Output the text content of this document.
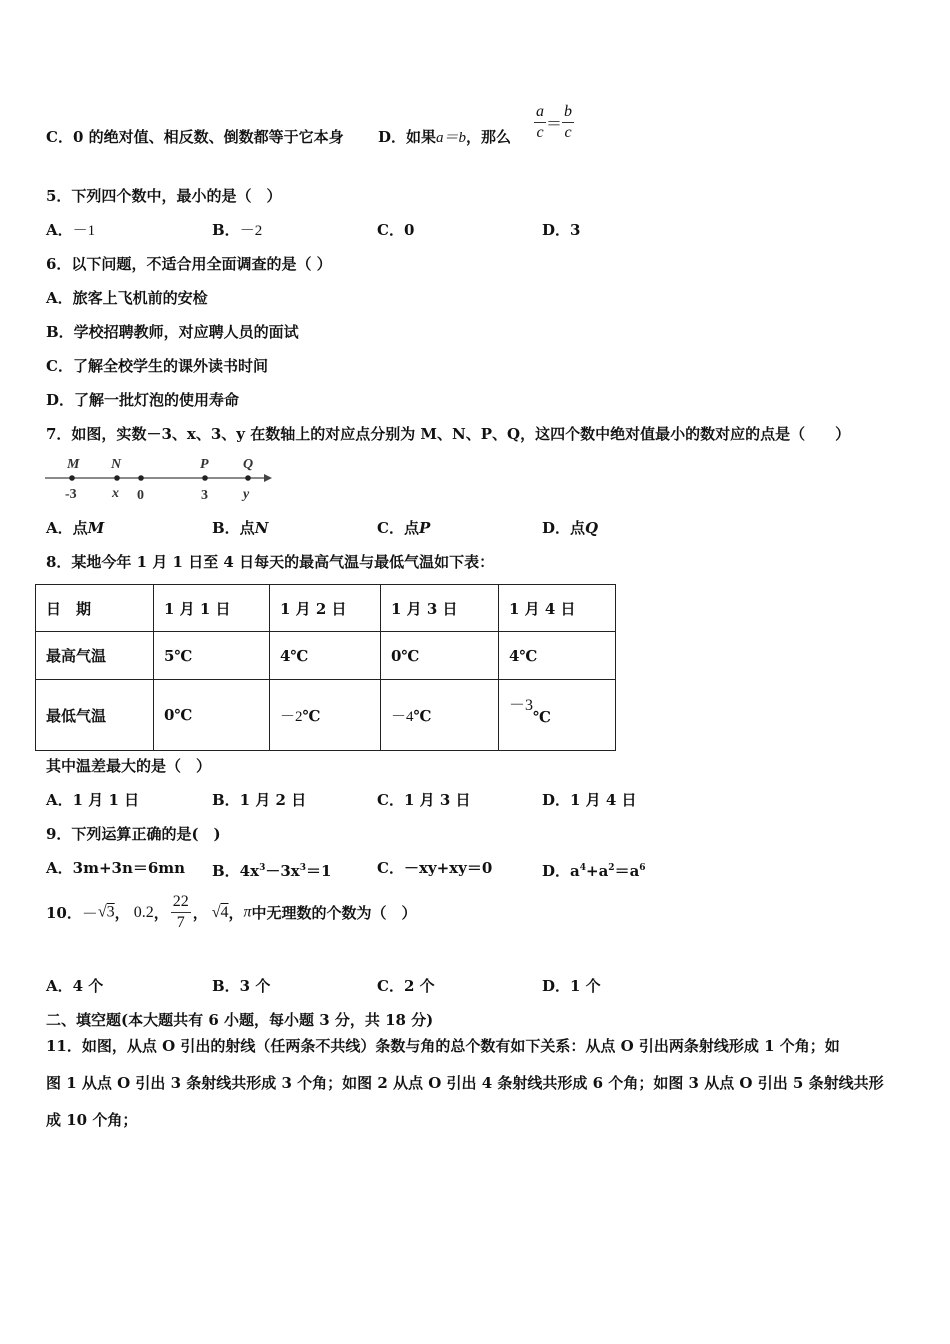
C．0 的绝对值、相反数、倒数都等于它本身 D．如果a＝b，那么 $\frac{a}{c} = \frac{b}{c}$
5．下列四个数中，最小的是（　）
A．－1	B．－2	C．0	D．3
6．以下问题，不适合用全面调查的是（ ）
A．旅客上飞机前的安检
B．学校招聘教师，对应聘人员的面试
C．了解全校学生的课外读书时间
D．了解一批灯泡的使用寿命
7．如图，实数－3、x、3、y 在数轴上的对应点分别为 M、N、P、Q，这四个数中绝对值最小的数对应的点是（　　）
M N	P Q
-3	x 0	3	y
A．点M	B．点N	C．点P	D．点Q
8．某地今年 1 月 1 日至 4 日每天的最高气温与最低气温如下表：
日　期	1 月 1 日	1 月 2 日	1 月 3 日	1 月 4 日
最高气温	5℃	4℃	0℃	4℃
最低气温	0℃	－2℃	－4℃	－3℃
其中温差最大的是（　）
A．1 月 1 日	B．1 月 2 日	C．1 月 3 日	D．1 月 4 日
9．下列运算正确的是(　)
A．3m+3n＝6mn B．$4x^3-3x^3=1$	C．－xy+xy＝0	D．$a^4+a^2=a^6$
10．－√3， 0.2， $\frac{22}{7}$ ， √4，π中无理数的个数为（　）
A．4 个	B．3 个	C．2 个	D．1 个
二、填空题(本大题共有 6 小题，每小题 3 分，共 18 分)
11．如图，从点 O 引出的射线（任两条不共线）条数与角的总个数有如下关系：从点 O 引出两条射线形成 1 个角；如
图 1 从点 O 引出 3 条射线共形成 3 个角；如图 2 从点 O 引出 4 条射线共形成 6 个角；如图 3 从点 O 引出 5 条射线共形
成 10 个角；
